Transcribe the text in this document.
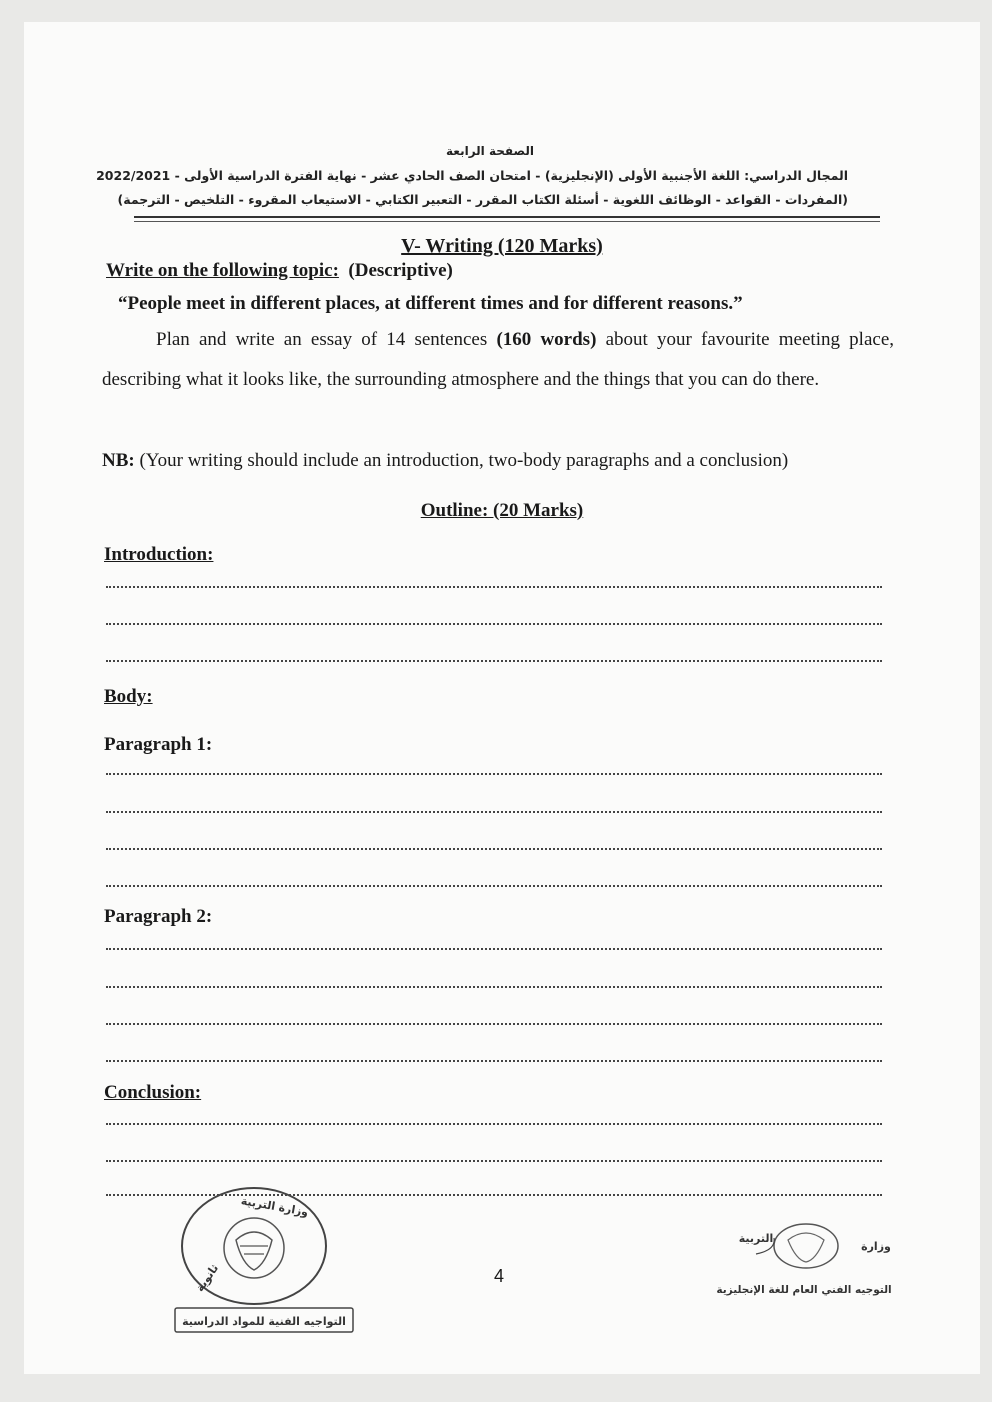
الصفحة الرابعة
المجال الدراسي: اللغة الأجنبية الأولى (الإنجليزية) - امتحان الصف الحادي عشر - نهاية الفترة الدراسية الأولى - 2022/2021
(المفردات - القواعد - الوظائف اللغوية - أسئلة الكتاب المقرر - التعبير الكتابي - الاستيعاب المقروء - التلخيص - الترجمة)
V- Writing (120 Marks)
Write on the following topic: (Descriptive)
“People meet in different places, at different times and for different reasons.”
Plan and write an essay of 14 sentences (160 words) about your favourite meeting place, describing what it looks like, the surrounding atmosphere and the things that you can do there.
NB: (Your writing should include an introduction, two-body paragraphs and a conclusion)
Outline: (20 Marks)
Introduction:
Body:
Paragraph 1:
Paragraph 2:
Conclusion:
4
وزارة التربية
ثانوية
التواجيه الفنية للمواد الدراسية
التربية
وزارة
التوجيه الفني العام للغة الإنجليزية
